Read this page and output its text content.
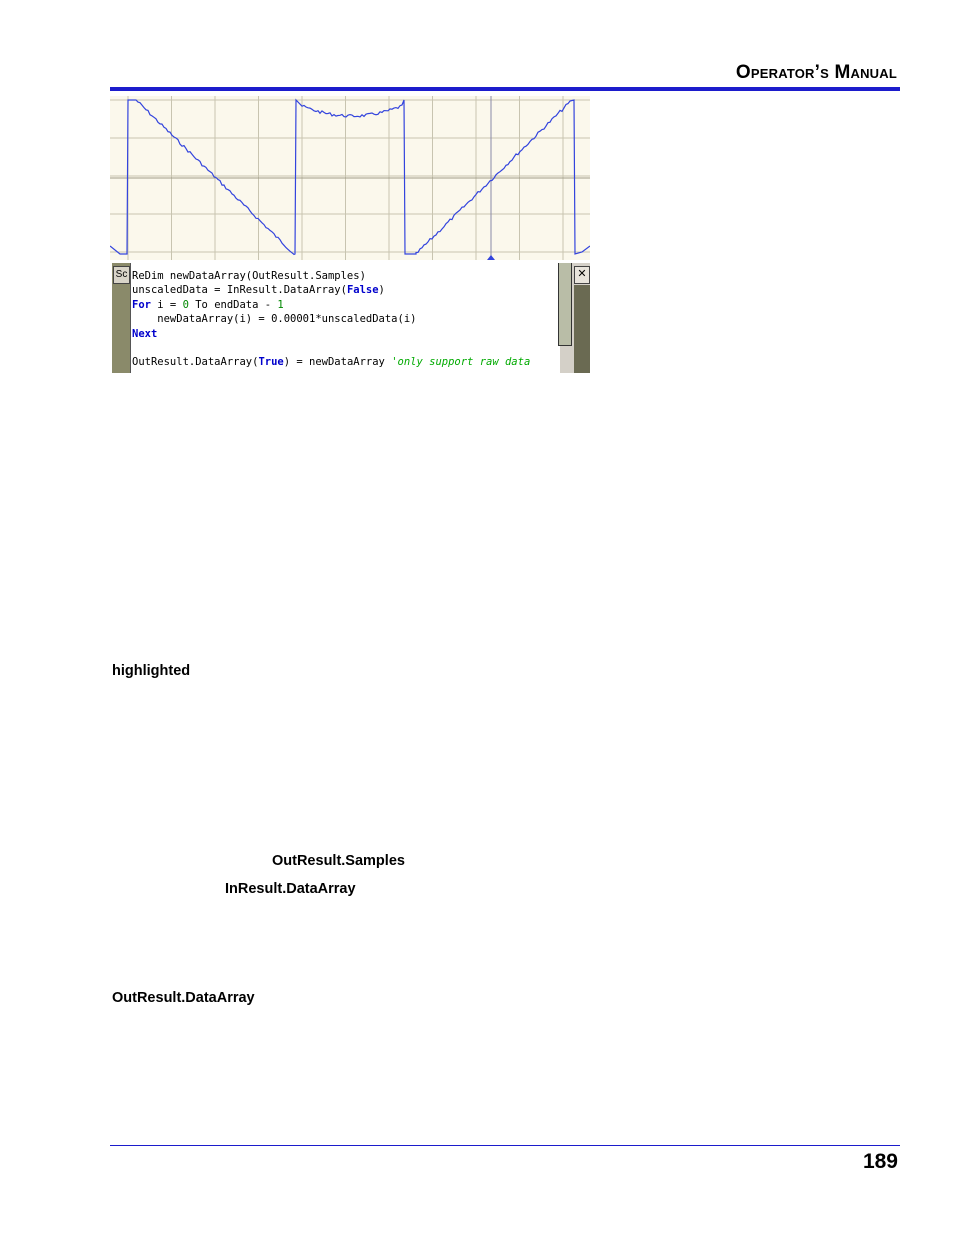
Operator’s Manual
Sc ReDim newDataArray(OutResult.Samples)
unscaledData = InResult.DataArray(False)
For i = 0 To endData - 1
newDataArray(i) = 0.00001*unscaledData(i)
Next

OutResult.DataArray(True) = newDataArray 'only support raw data
✕
highlighted
OutResult.Samples
InResult.DataArray
OutResult.DataArray
189
